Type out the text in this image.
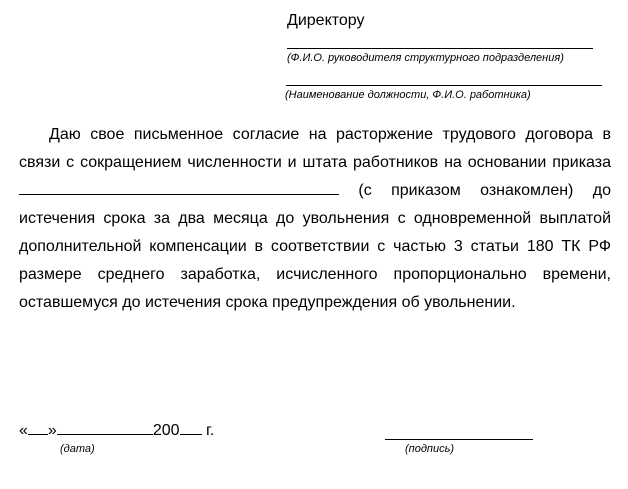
Директору

(Ф.И.О. руководителя структурного подразделения)
(Наименование должности, Ф.И.О. работника)

Даю свое письменное согласие на расторжение трудового договора в связи с сокращением численности и штата работников на основании приказа  (с приказом ознакомлен) до истечения срока за два месяца до увольнения с одновременной выплатой дополнительной компенсации в соответствии с частью 3 статьи 180 ТК РФ размере среднего заработка, исчисленного пропорционально времени, оставшемуся до истечения срока предупреждения об увольнении.

« »	200 г.
(дата)	(подпись)
